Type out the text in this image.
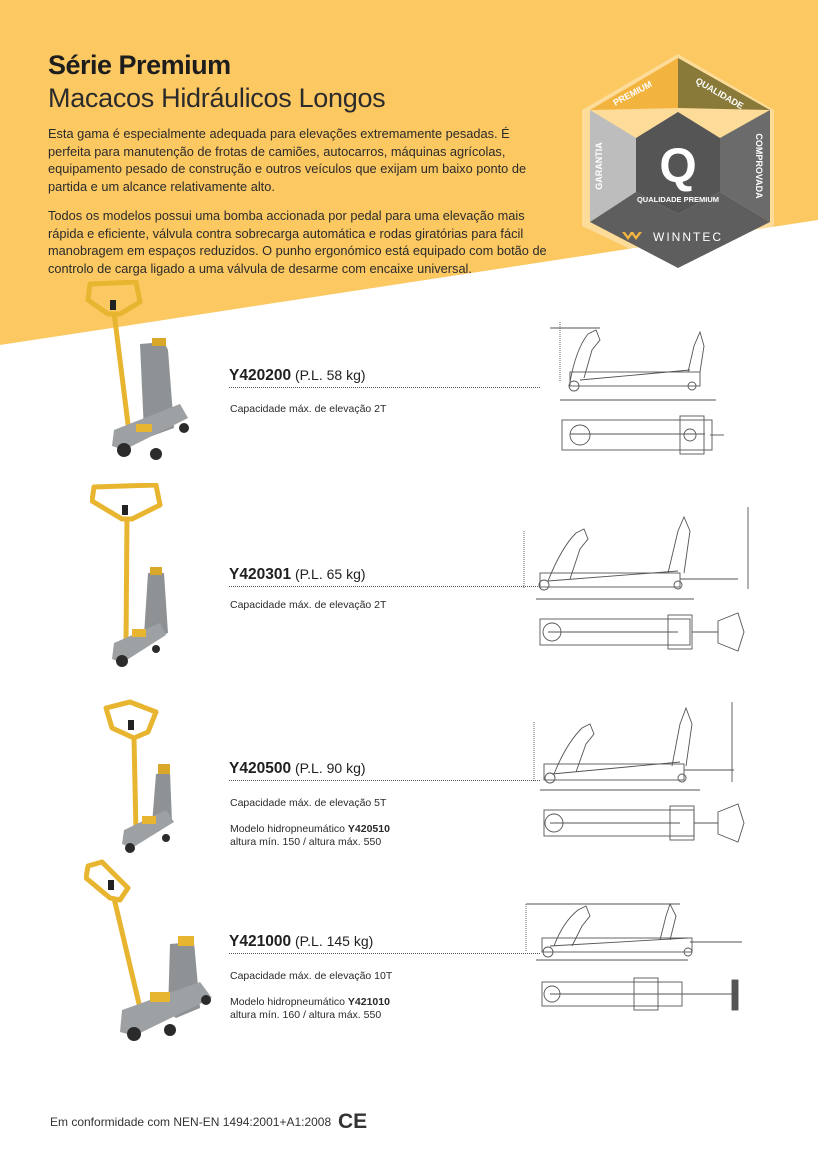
Série Premium
Macacos Hidráulicos Longos

Esta gama é especialmente adequada para elevações extremamente pesadas. É perfeita para manutenção de frotas de camiões, autocarros, máquinas agrícolas, equipamento pesado de construção e outros veículos que exijam um baixo ponto de partida e um alcance relativamente alto.

Todos os modelos possui uma bomba accionada por pedal para uma elevação mais rápida e eficiente, válvula contra sobrecarga automática e rodas giratórias para fácil manobragem em espaços reduzidos. O punho ergonómico está equipado com botão de controlo de carga ligado a uma válvula de desarme com encaixe universal.

PREMIUM	QUALIDADE
GARANTIA	COMPROVADA
Q
QUALIDADE PREMIUM
WINNTEC

Y420200 (P.L. 58 kg)

Capacidade máx. de elevação 2T

Y420301 (P.L. 65 kg)

Capacidade máx. de elevação 2T

Y420500 (P.L. 90 kg)

Capacidade máx. de elevação 5T

Modelo hidropneumático Y420510

altura mín. 150 / altura máx. 550

Y421000 (P.L. 145 kg)

Capacidade máx. de elevação 10T

Modelo hidropneumático Y421010

altura mín. 160 / altura máx. 550

Em conformidade com NEN-EN 1494:2001+A1:2008 CE
